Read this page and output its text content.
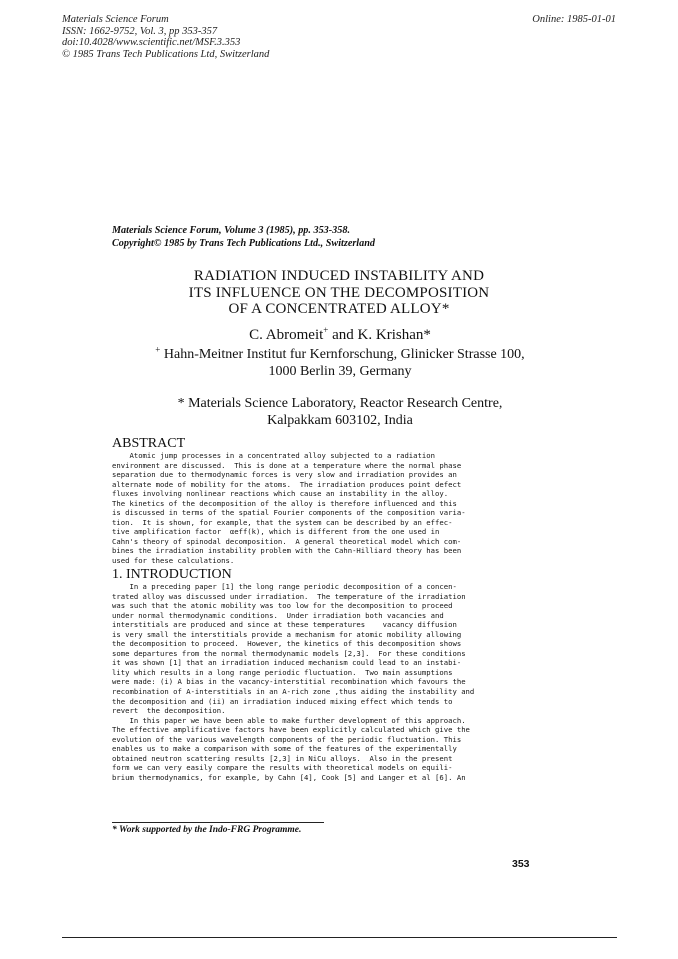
Materials Science Forum
ISSN: 1662-9752, Vol. 3, pp 353-357
doi:10.4028/www.scientific.net/MSF.3.353
© 1985 Trans Tech Publications Ltd, Switzerland
Online: 1985-01-01
Materials Science Forum, Volume 3 (1985), pp. 353-358.
Copyright© 1985 by Trans Tech Publications Ltd., Switzerland
RADIATION INDUCED INSTABILITY AND
ITS INFLUENCE ON THE DECOMPOSITION
OF A CONCENTRATED ALLOY*
C. Abromeit+ and K. Krishan*
+ Hahn-Meitner Institut fur Kernforschung, Glinicker Strasse 100,
1000 Berlin 39, Germany
* Materials Science Laboratory, Reactor Research Centre,
Kalpakkam 603102, India
ABSTRACT
Atomic jump processes in a concentrated alloy subjected to a radiation
environment are discussed.  This is done at a temperature where the normal phase
separation due to thermodynamic forces is very slow and irradiation provides an
alternate mode of mobility for the atoms.  The irradiation produces point defect
fluxes involving nonlinear reactions which cause an instability in the alloy.
The kinetics of the decomposition of the alloy is therefore influenced and this
is discussed in terms of the spatial Fourier components of the composition varia-
tion.  It is shown, for example, that the system can be described by an effec-
tive amplification factor  αeff(k), which is different from the one used in
Cahn's theory of spinodal decomposition.  A general theoretical model which com-
bines the irradiation instability problem with the Cahn-Hilliard theory has been
used for these calculations.
1. INTRODUCTION
In a preceding paper [1] the long range periodic decomposition of a concen-
trated alloy was discussed under irradiation.  The temperature of the irradiation
was such that the atomic mobility was too low for the decomposition to proceed
under normal thermodynamic conditions.  Under irradiation both vacancies and
interstitials are produced and since at these temperatures    vacancy diffusion
is very small the interstitials provide a mechanism for atomic mobility allowing
the decomposition to proceed.  However, the kinetics of this decomposition shows
some departures from the normal thermodynamic models [2,3].  For these conditions
it was shown [1] that an irradiation induced mechanism could lead to an instabi-
lity which results in a long range periodic fluctuation.  Two main assumptions
were made: (i) A bias in the vacancy-interstitial recombination which favours the
recombination of A-interstitials in an A-rich zone ,thus aiding the instability and
the decomposition and (ii) an irradiation induced mixing effect which tends to
revert  the decomposition.
In this paper we have been able to make further development of this approach.
The effective amplificative factors have been explicitly calculated which give the
evolution of the various wavelength components of the periodic fluctuation. This
enables us to make a comparison with some of the features of the experimentally
obtained neutron scattering results [2,3] in NiCu alloys.  Also in the present
form we can very easily compare the results with theoretical models on equili-
brium thermodynamics, for example, by Cahn [4], Cook [5] and Langer et al [6]. An
* Work supported by the Indo-FRG Programme.
353
